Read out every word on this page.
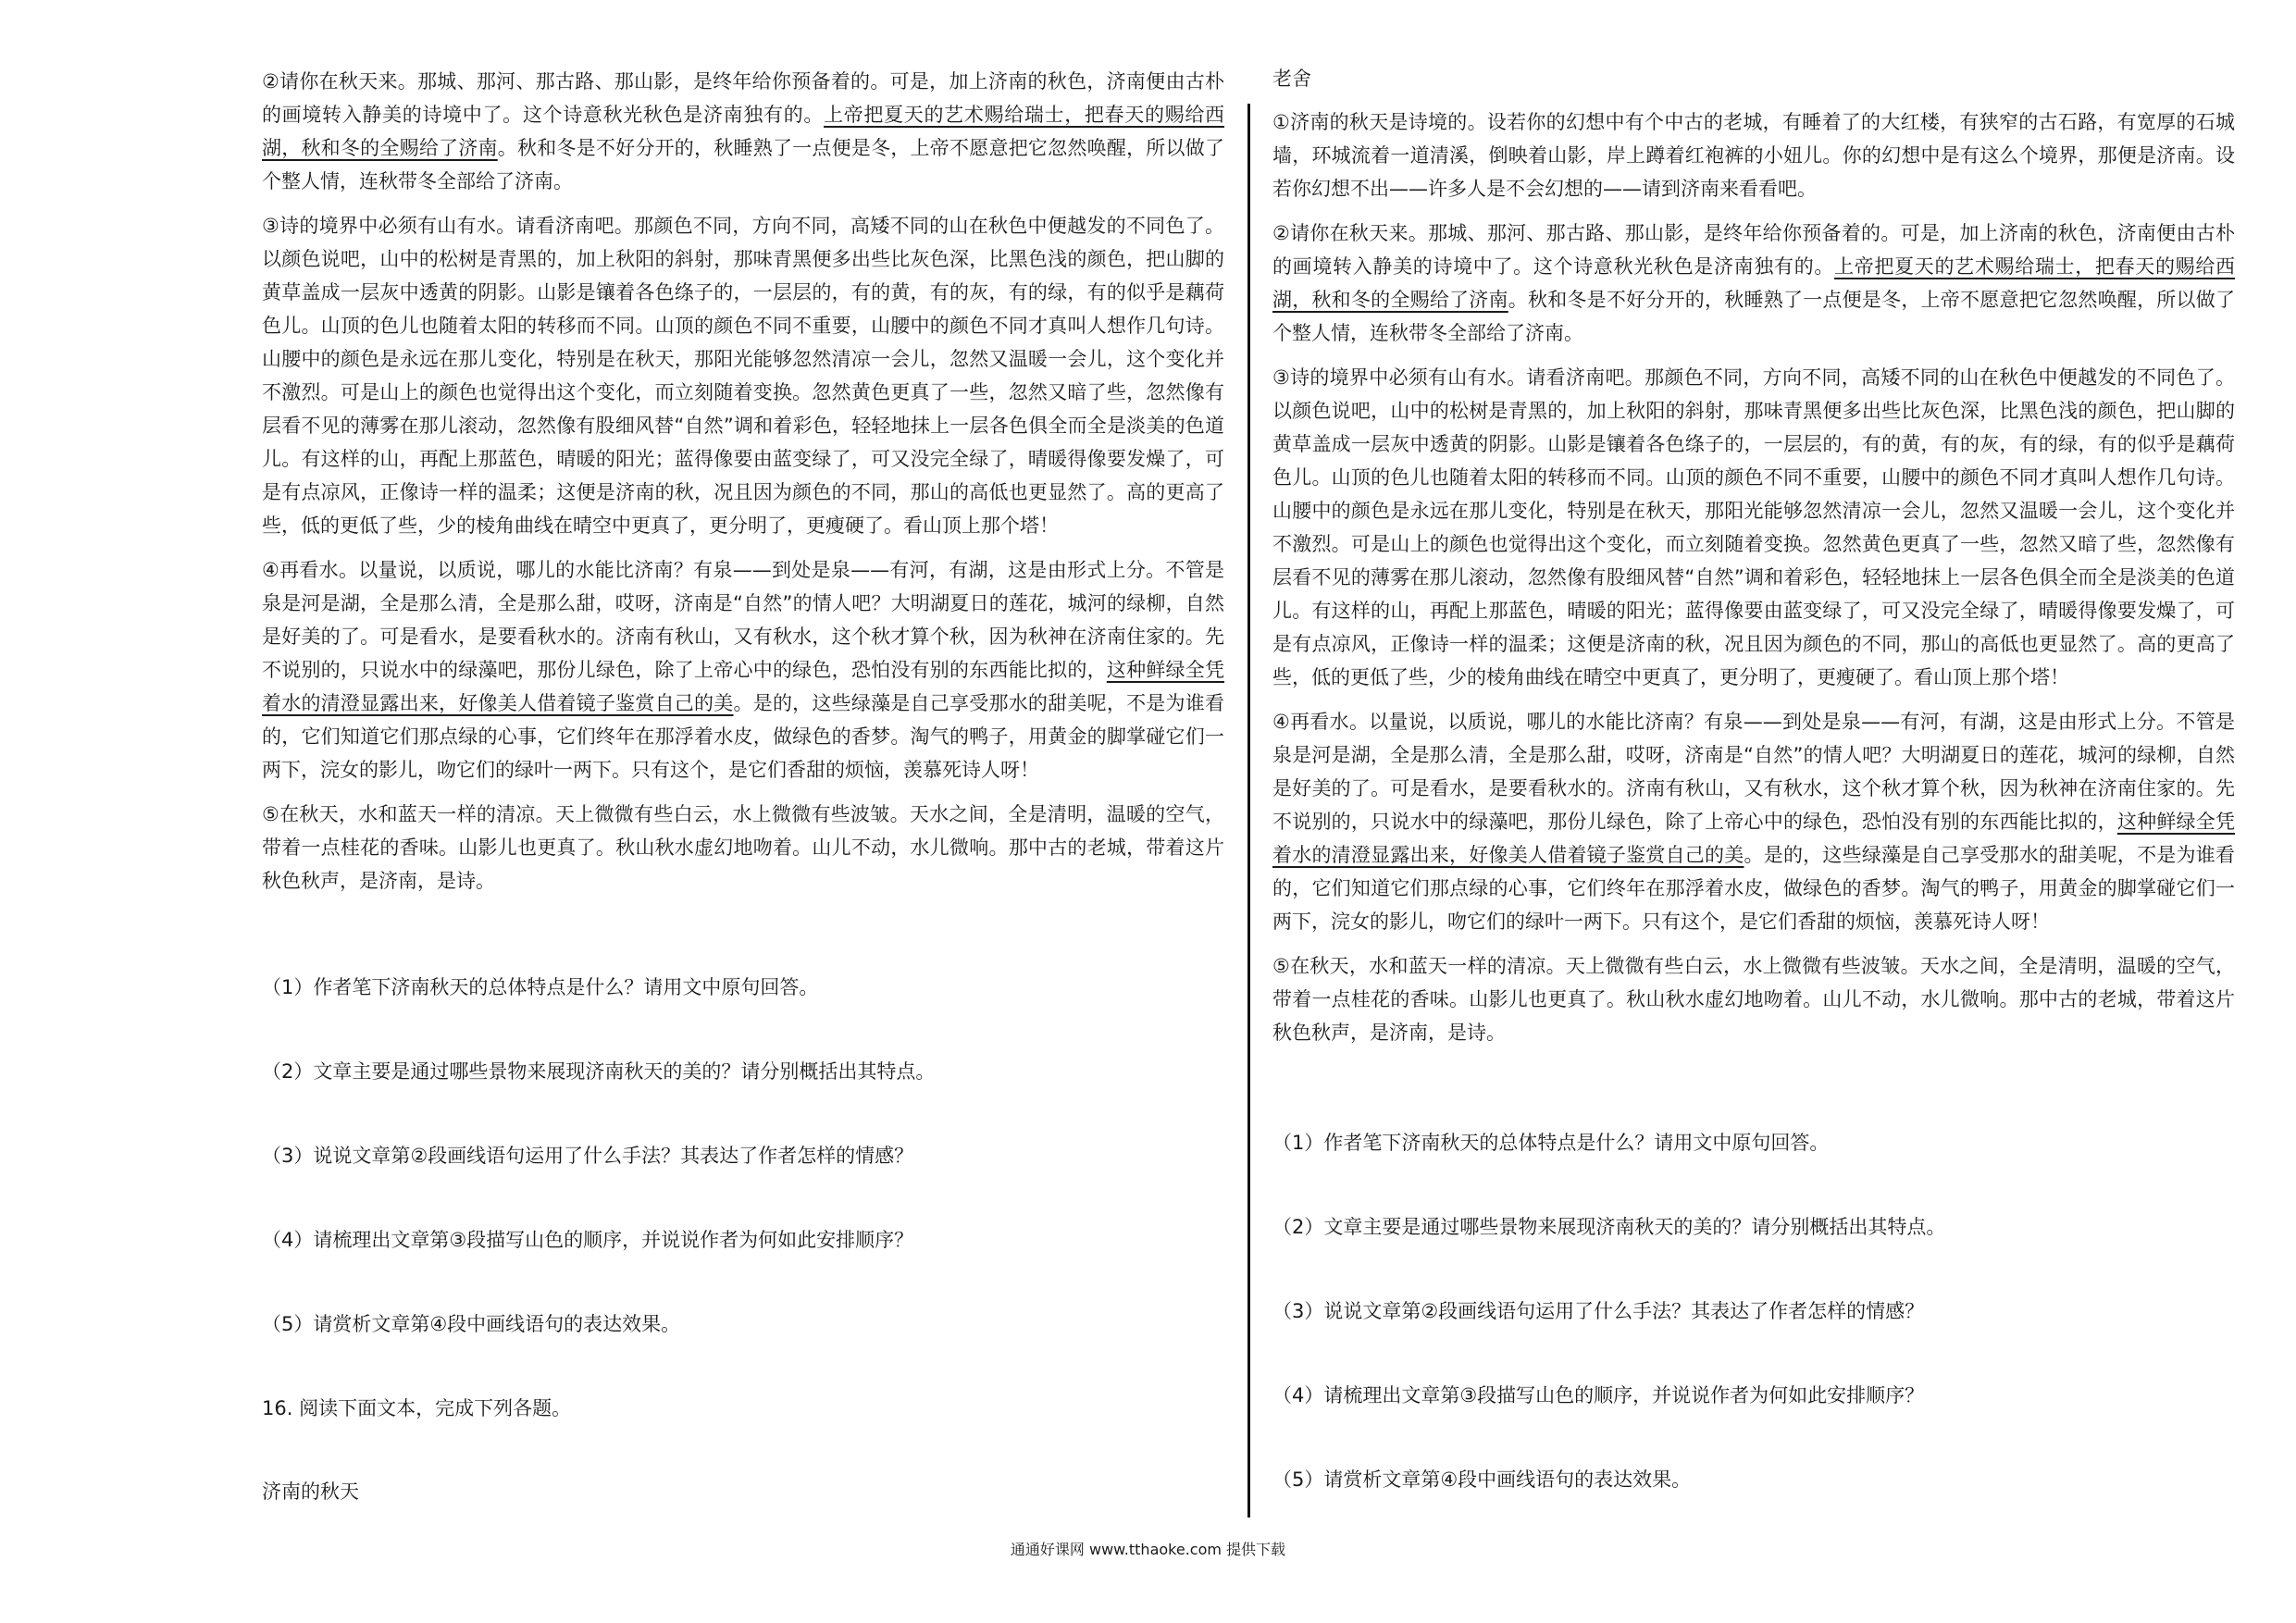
②请你在秋天来。那城、那河、那古路、那山影，是终年给你预备着的。可是，加上济南的秋色，济南便由古朴的画境转入静美的诗境中了。这个诗意秋光秋色是济南独有的。上帝把夏天的艺术赐给瑞士，把春天的赐给西湖，秋和冬的全赐给了济南。秋和冬是不好分开的，秋睡熟了一点便是冬，上帝不愿意把它忽然唤醒，所以做了个整人情，连秋带冬全部给了济南。

③诗的境界中必须有山有水。请看济南吧。那颜色不同，方向不同，高矮不同的山在秋色中便越发的不同色了。以颜色说吧，山中的松树是青黑的，加上秋阳的斜射，那味青黑便多出些比灰色深，比黑色浅的颜色，把山脚的黄草盖成一层灰中透黄的阴影。山影是镶着各色绦子的，一层层的，有的黄，有的灰，有的绿，有的似乎是藕荷色儿。山顶的色儿也随着太阳的转移而不同。山顶的颜色不同不重要，山腰中的颜色不同才真叫人想作几句诗。山腰中的颜色是永远在那儿变化，特别是在秋天，那阳光能够忽然清凉一会儿，忽然又温暖一会儿，这个变化并不激烈。可是山上的颜色也觉得出这个变化，而立刻随着变换。忽然黄色更真了一些，忽然又暗了些，忽然像有层看不见的薄雾在那儿滚动，忽然像有股细风替“自然”调和着彩色，轻轻地抹上一层各色俱全而全是淡美的色道儿。有这样的山，再配上那蓝色，晴暖的阳光；蓝得像要由蓝变绿了，可又没完全绿了，晴暖得像要发燥了，可是有点凉风，正像诗一样的温柔；这便是济南的秋，况且因为颜色的不同，那山的高低也更显然了。高的更高了些，低的更低了些，少的棱角曲线在晴空中更真了，更分明了，更瘦硬了。看山顶上那个塔！

④再看水。以量说，以质说，哪儿的水能比济南？有泉——到处是泉——有河，有湖，这是由形式上分。不管是泉是河是湖，全是那么清，全是那么甜，哎呀，济南是“自然”的情人吧？大明湖夏日的莲花，城河的绿柳，自然是好美的了。可是看水，是要看秋水的。济南有秋山，又有秋水，这个秋才算个秋，因为秋神在济南住家的。先不说别的，只说水中的绿藻吧，那份儿绿色，除了上帝心中的绿色，恐怕没有别的东西能比拟的，这种鲜绿全凭着水的清澄显露出来，好像美人借着镜子鉴赏自己的美。是的，这些绿藻是自己享受那水的甜美呢，不是为谁看的，它们知道它们那点绿的心事，它们终年在那浮着水皮，做绿色的香梦。淘气的鸭子，用黄金的脚掌碰它们一两下，浣女的影儿，吻它们的绿叶一两下。只有这个，是它们香甜的烦恼，羡慕死诗人呀！

⑤在秋天，水和蓝天一样的清凉。天上微微有些白云，水上微微有些波皱。天水之间，全是清明，温暖的空气，带着一点桂花的香味。山影儿也更真了。秋山秋水虚幻地吻着。山儿不动，水儿微响。那中古的老城，带着这片秋色秋声，是济南，是诗。

（1）作者笔下济南秋天的总体特点是什么？请用文中原句回答。
（2）文章主要是通过哪些景物来展现济南秋天的美的？请分别概括出其特点。
（3）说说文章第②段画线语句运用了什么手法？其表达了作者怎样的情感？
（4）请梳理出文章第③段描写山色的顺序，并说说作者为何如此安排顺序？
（5）请赏析文章第④段中画线语句的表达效果。
16. 阅读下面文本，完成下列各题。
济南的秋天
老舍

①济南的秋天是诗境的。设若你的幻想中有个中古的老城，有睡着了的大红楼，有狭窄的古石路，有宽厚的石城墙，环城流着一道清溪，倒映着山影，岸上蹲着红袍裤的小妞儿。你的幻想中是有这么个境界，那便是济南。设若你幻想不出——许多人是不会幻想的——请到济南来看看吧。

②请你在秋天来。那城、那河、那古路、那山影，是终年给你预备着的。可是，加上济南的秋色，济南便由古朴的画境转入静美的诗境中了。这个诗意秋光秋色是济南独有的。上帝把夏天的艺术赐给瑞士，把春天的赐给西湖，秋和冬的全赐给了济南。秋和冬是不好分开的，秋睡熟了一点便是冬，上帝不愿意把它忽然唤醒，所以做了个整人情，连秋带冬全部给了济南。

③诗的境界中必须有山有水。请看济南吧。那颜色不同，方向不同，高矮不同的山在秋色中便越发的不同色了。以颜色说吧，山中的松树是青黑的，加上秋阳的斜射，那味青黑便多出些比灰色深，比黑色浅的颜色，把山脚的黄草盖成一层灰中透黄的阴影。山影是镶着各色绦子的，一层层的，有的黄，有的灰，有的绿，有的似乎是藕荷色儿。山顶的色儿也随着太阳的转移而不同。山顶的颜色不同不重要，山腰中的颜色不同才真叫人想作几句诗。山腰中的颜色是永远在那儿变化，特别是在秋天，那阳光能够忽然清凉一会儿，忽然又温暖一会儿，这个变化并不激烈。可是山上的颜色也觉得出这个变化，而立刻随着变换。忽然黄色更真了一些，忽然又暗了些，忽然像有层看不见的薄雾在那儿滚动，忽然像有股细风替“自然”调和着彩色，轻轻地抹上一层各色俱全而全是淡美的色道儿。有这样的山，再配上那蓝色，晴暖的阳光；蓝得像要由蓝变绿了，可又没完全绿了，晴暖得像要发燥了，可是有点凉风，正像诗一样的温柔；这便是济南的秋，况且因为颜色的不同，那山的高低也更显然了。高的更高了些，低的更低了些，少的棱角曲线在晴空中更真了，更分明了，更瘦硬了。看山顶上那个塔！

④再看水。以量说，以质说，哪儿的水能比济南？有泉——到处是泉——有河，有湖，这是由形式上分。不管是泉是河是湖，全是那么清，全是那么甜，哎呀，济南是“自然”的情人吧？大明湖夏日的莲花，城河的绿柳，自然是好美的了。可是看水，是要看秋水的。济南有秋山，又有秋水，这个秋才算个秋，因为秋神在济南住家的。先不说别的，只说水中的绿藻吧，那份儿绿色，除了上帝心中的绿色，恐怕没有别的东西能比拟的，这种鲜绿全凭着水的清澄显露出来，好像美人借着镜子鉴赏自己的美。是的，这些绿藻是自己享受那水的甜美呢，不是为谁看的，它们知道它们那点绿的心事，它们终年在那浮着水皮，做绿色的香梦。淘气的鸭子，用黄金的脚掌碰它们一两下，浣女的影儿，吻它们的绿叶一两下。只有这个，是它们香甜的烦恼，羡慕死诗人呀！

⑤在秋天，水和蓝天一样的清凉。天上微微有些白云，水上微微有些波皱。天水之间，全是清明，温暖的空气，带着一点桂花的香味。山影儿也更真了。秋山秋水虚幻地吻着。山儿不动，水儿微响。那中古的老城，带着这片秋色秋声，是济南，是诗。

（1）作者笔下济南秋天的总体特点是什么？请用文中原句回答。
（2）文章主要是通过哪些景物来展现济南秋天的美的？请分别概括出其特点。
（3）说说文章第②段画线语句运用了什么手法？其表达了作者怎样的情感？
（4）请梳理出文章第③段描写山色的顺序，并说说作者为何如此安排顺序？
（5）请赏析文章第④段中画线语句的表达效果。
通通好课网 www.tthaoke.com 提供下载
